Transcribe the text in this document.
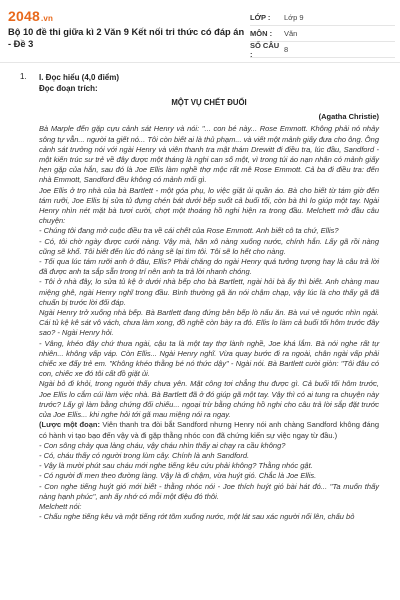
2048.vn
Bộ 10 đề thi giữa kì 2 Văn 9 Kết nối tri thức có đáp án - Đề 3
LỚP :	Lớp 9
MÔN :	Văn
SỐ CÂU :	8
1. I. Đọc hiểu (4,0 điểm)
Đọc đoạn trích:
MỘT VỤ CHẾT ĐUỐI
(Agatha Christie)

Bà Marple đến gặp cựu cảnh sát Henry và nói: "... con bé này... Rose Emmott. Không phải nó nhảy sông tự vẫn... người ta giết nó... Tôi còn biết ai là thủ phạm... và viết một mảnh giấy đưa cho ông. Ông cảnh sát trưởng nói với ngài Henry và viên thanh tra mật thám Drewitt đi điều tra, lúc đầu, Sandford - một kiến trúc sư trẻ về đây được một tháng là nghi can số một, vì trong túi áo nạn nhân có mảnh giấy hẹn gặp của hắn, sau đó là Joe Ellis làm nghề thợ mộc rất mê Rose Emmott. Cả ba đi điều tra: đến nhà Emmott, Sandford đều không có mảnh mối gì.

Joe Ellis ở trọ nhà của bà Bartlett - một góa phụ, lo việc giặt ủi quần áo. Bà cho biết từ tám giờ đến tám rưỡi, Joe Ellis bị sửa tủ đựng chén bát dưới bếp suốt cả buổi tối, còn bà thì lo giúp một tay. Ngài Henry nhìn nét mặt bà tươi cười, chợt một thoáng hồ nghi hiện ra trong đầu. Melchett mở đầu câu chuyện:

- Chúng tôi đang mở cuộc điều tra về cái chết của Rose Emmott. Anh biết cô ta chứ, Ellis?

- Có, tôi chờ ngày được cưới nàng. Vậy mà, hãn xô nàng xuống nước, chính hắn. Lấy gã rồi nàng cũng sẽ khổ. Tôi biết đến lúc đó nàng sẽ lại tìm tôi. Tôi sẽ lo hết cho nàng.

- Tối qua lúc tám rưỡi anh ở đâu, Ellis? Phải chăng do ngài Henry quá tưởng tượng hay là câu trả lời đã được anh ta sắp sẵn trong trí nên anh ta trả lời nhanh chóng.

- Tôi ở nhà đây, lo sửa tủ kệ ở dưới nhà bếp cho bà Bartlett, ngài hỏi bà ấy thì biết. Anh chàng mau miệng ghê, ngài Henry nghĩ trong đầu. Bình thường gã ăn nói chậm chạp, vậy lúc là cho thấy gã đã chuẩn bị trước lời đối đáp.

Ngài Henry trở xuống nhà bếp. Bà Bartlett đang đứng bên bếp lò nấu ăn. Bà vui vẻ ngước nhìn ngài. Cái tủ kệ kê sát vô vách, chưa làm xong, đồ nghề còn bày ra đó. Ellis lo làm cả buổi tối hôm trước đây sao? - Ngài Henry hỏi.

- Vâng, khéo đây chứ thưa ngài, cậu ta là một tay thợ lành nghề, Joe khá lắm. Bà nói nghe rất tự nhiên... không vấp váp. Còn Ellis... Ngài Henry nghĩ. Vừa quay bước đi ra ngoài, chân ngài vấp phải chiếc xe đẩy trẻ em. "Không khéo thằng bé nó thức dậy" - Ngài nói. Bà Bartlett cười giòn: "Tôi đâu có con, chiếc xe đó tôi cất đồ giặt ủi.

Ngài bỏ đi khỏi, trong người thấy chưa yên. Mặt công tơi chẳng thu được gì. Cả buổi tối hôm trước, Joe Ellis lo cắm cúi làm việc nhà. Bà Bartlett đã ở đó giúp gã một tay. Vậy thì có ai tung ra chuyện này trước? Lấy gì làm bằng chứng đối chiếu... ngoại trừ bằng chứng hồ nghi cho câu trả lời sắp đặt trước của Joe Ellis... khi nghe hỏi tới gã mau miệng nói ra ngay.

(Lược một đoạn: Viên thanh tra đòi bắt Sandford nhưng Henry nói anh chàng Sandford không đáng có hành vi tạo bạo đến vậy và đi gặp thằng nhóc con đã chứng kiến sự việc ngay từ đầu.)

- Con sông chảy qua làng cháu, vậy cháu nhìn thấy ai chạy ra cầu không?

- Có, cháu thấy có người trong lùm cây. Chính là anh Sandford.

- Vậy là mười phút sau cháu mới nghe tiếng kêu cứu phải không? Thằng nhóc gật.

- Có người đi men theo đường làng. Vậy là đi chậm, vừa huýt gió. Chắc là Joe Ellis.

- Con nghe tiếng huýt gió mới biết - thằng nhóc nói - Joe thích huýt gió bài hát đó... "Ta muốn thấy nàng hạnh phúc", anh ấy nhớ có mỗi một điệu đó thôi.

Melchett nói:

- Chấu nghe tiếng kêu và một tiếng rớt tõm xuống nước, một lát sau xác người nổi lên, chấu bỏ
